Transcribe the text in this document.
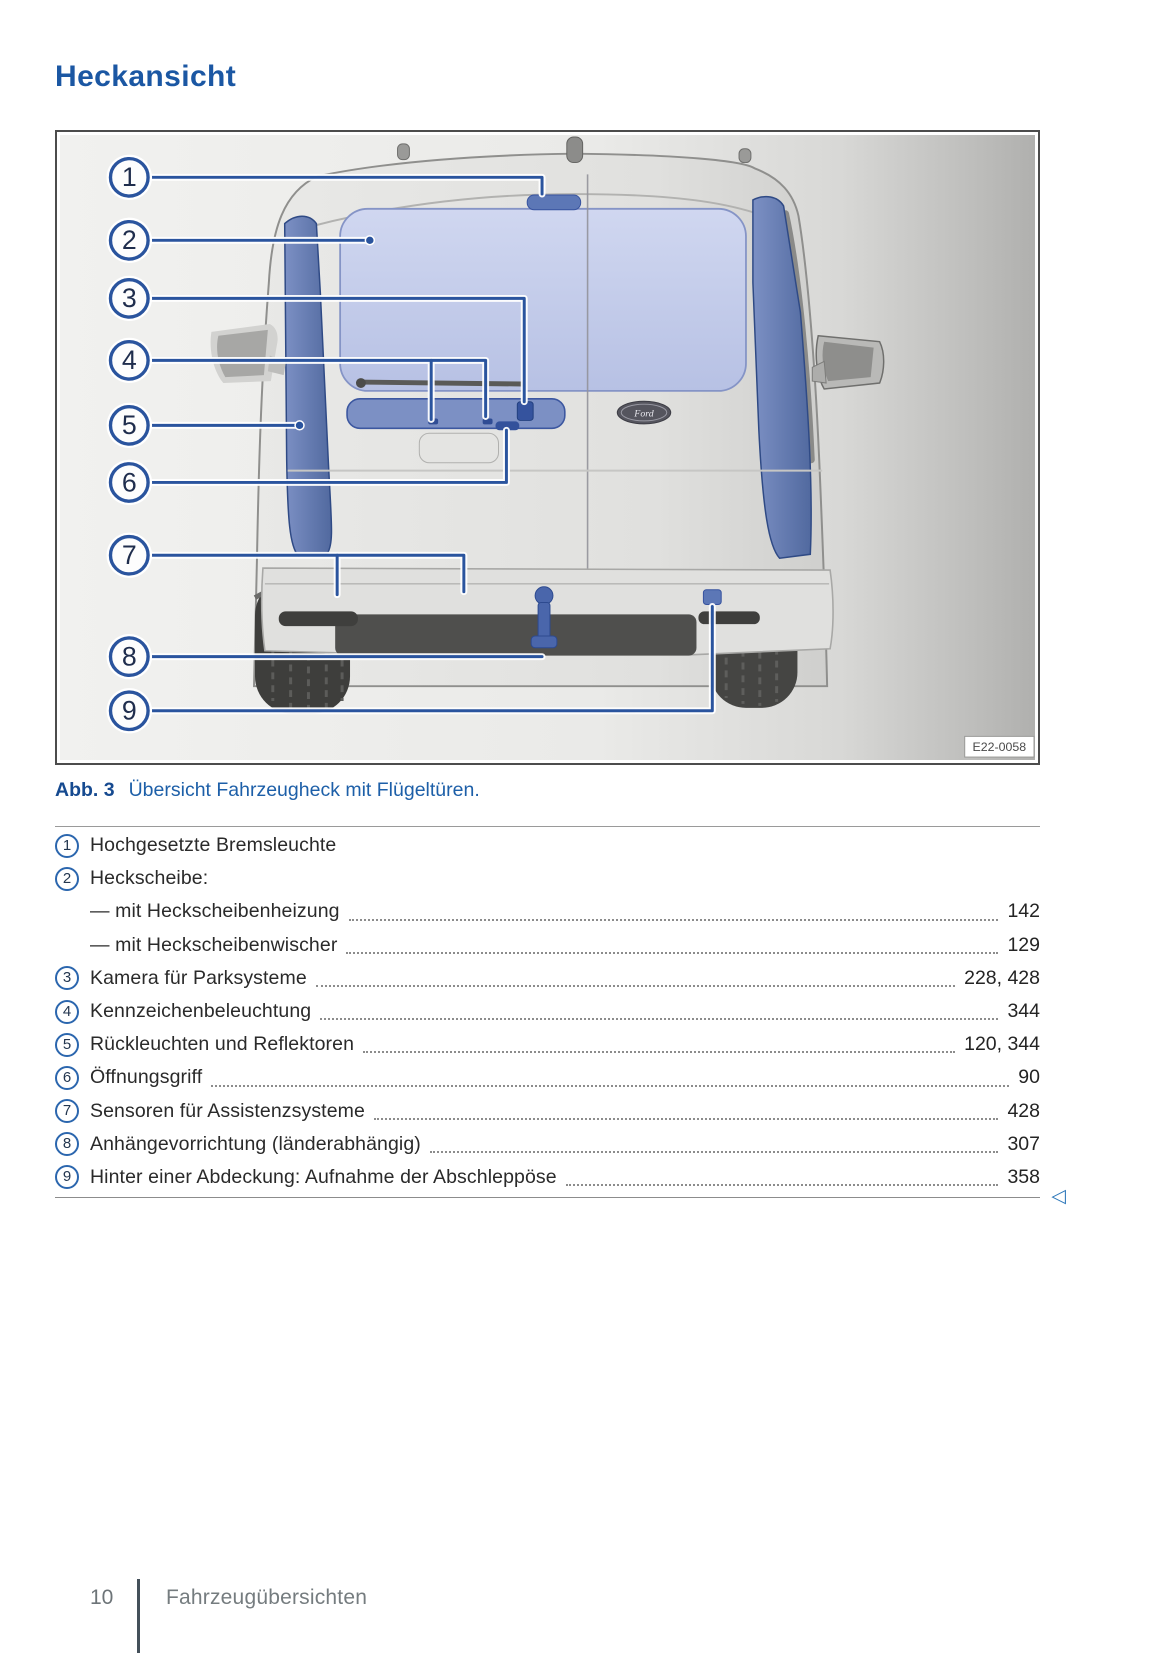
Heckansicht
Ford
1
2
3
4
5
6
7
8
9
E22-0058
Abb. 3 Übersicht Fahrzeugheck mit Flügeltüren.
1 Hochgesetzte Bremsleuchte
2 Heckscheibe:
— mit Heckscheibenheizung	142
— mit Heckscheibenwischer	129
3 Kamera für Parksysteme	228, 428
4 Kennzeichenbeleuchtung	344
5 Rückleuchten und Reflektoren	120, 344
6 Öffnungsgriff	90
7 Sensoren für Assistenzsysteme	428
8 Anhängevorrichtung (länderabhängig)	307
9 Hinter einer Abdeckung: Aufnahme der Abschleppöse	358
◁
10	Fahrzeugübersichten
